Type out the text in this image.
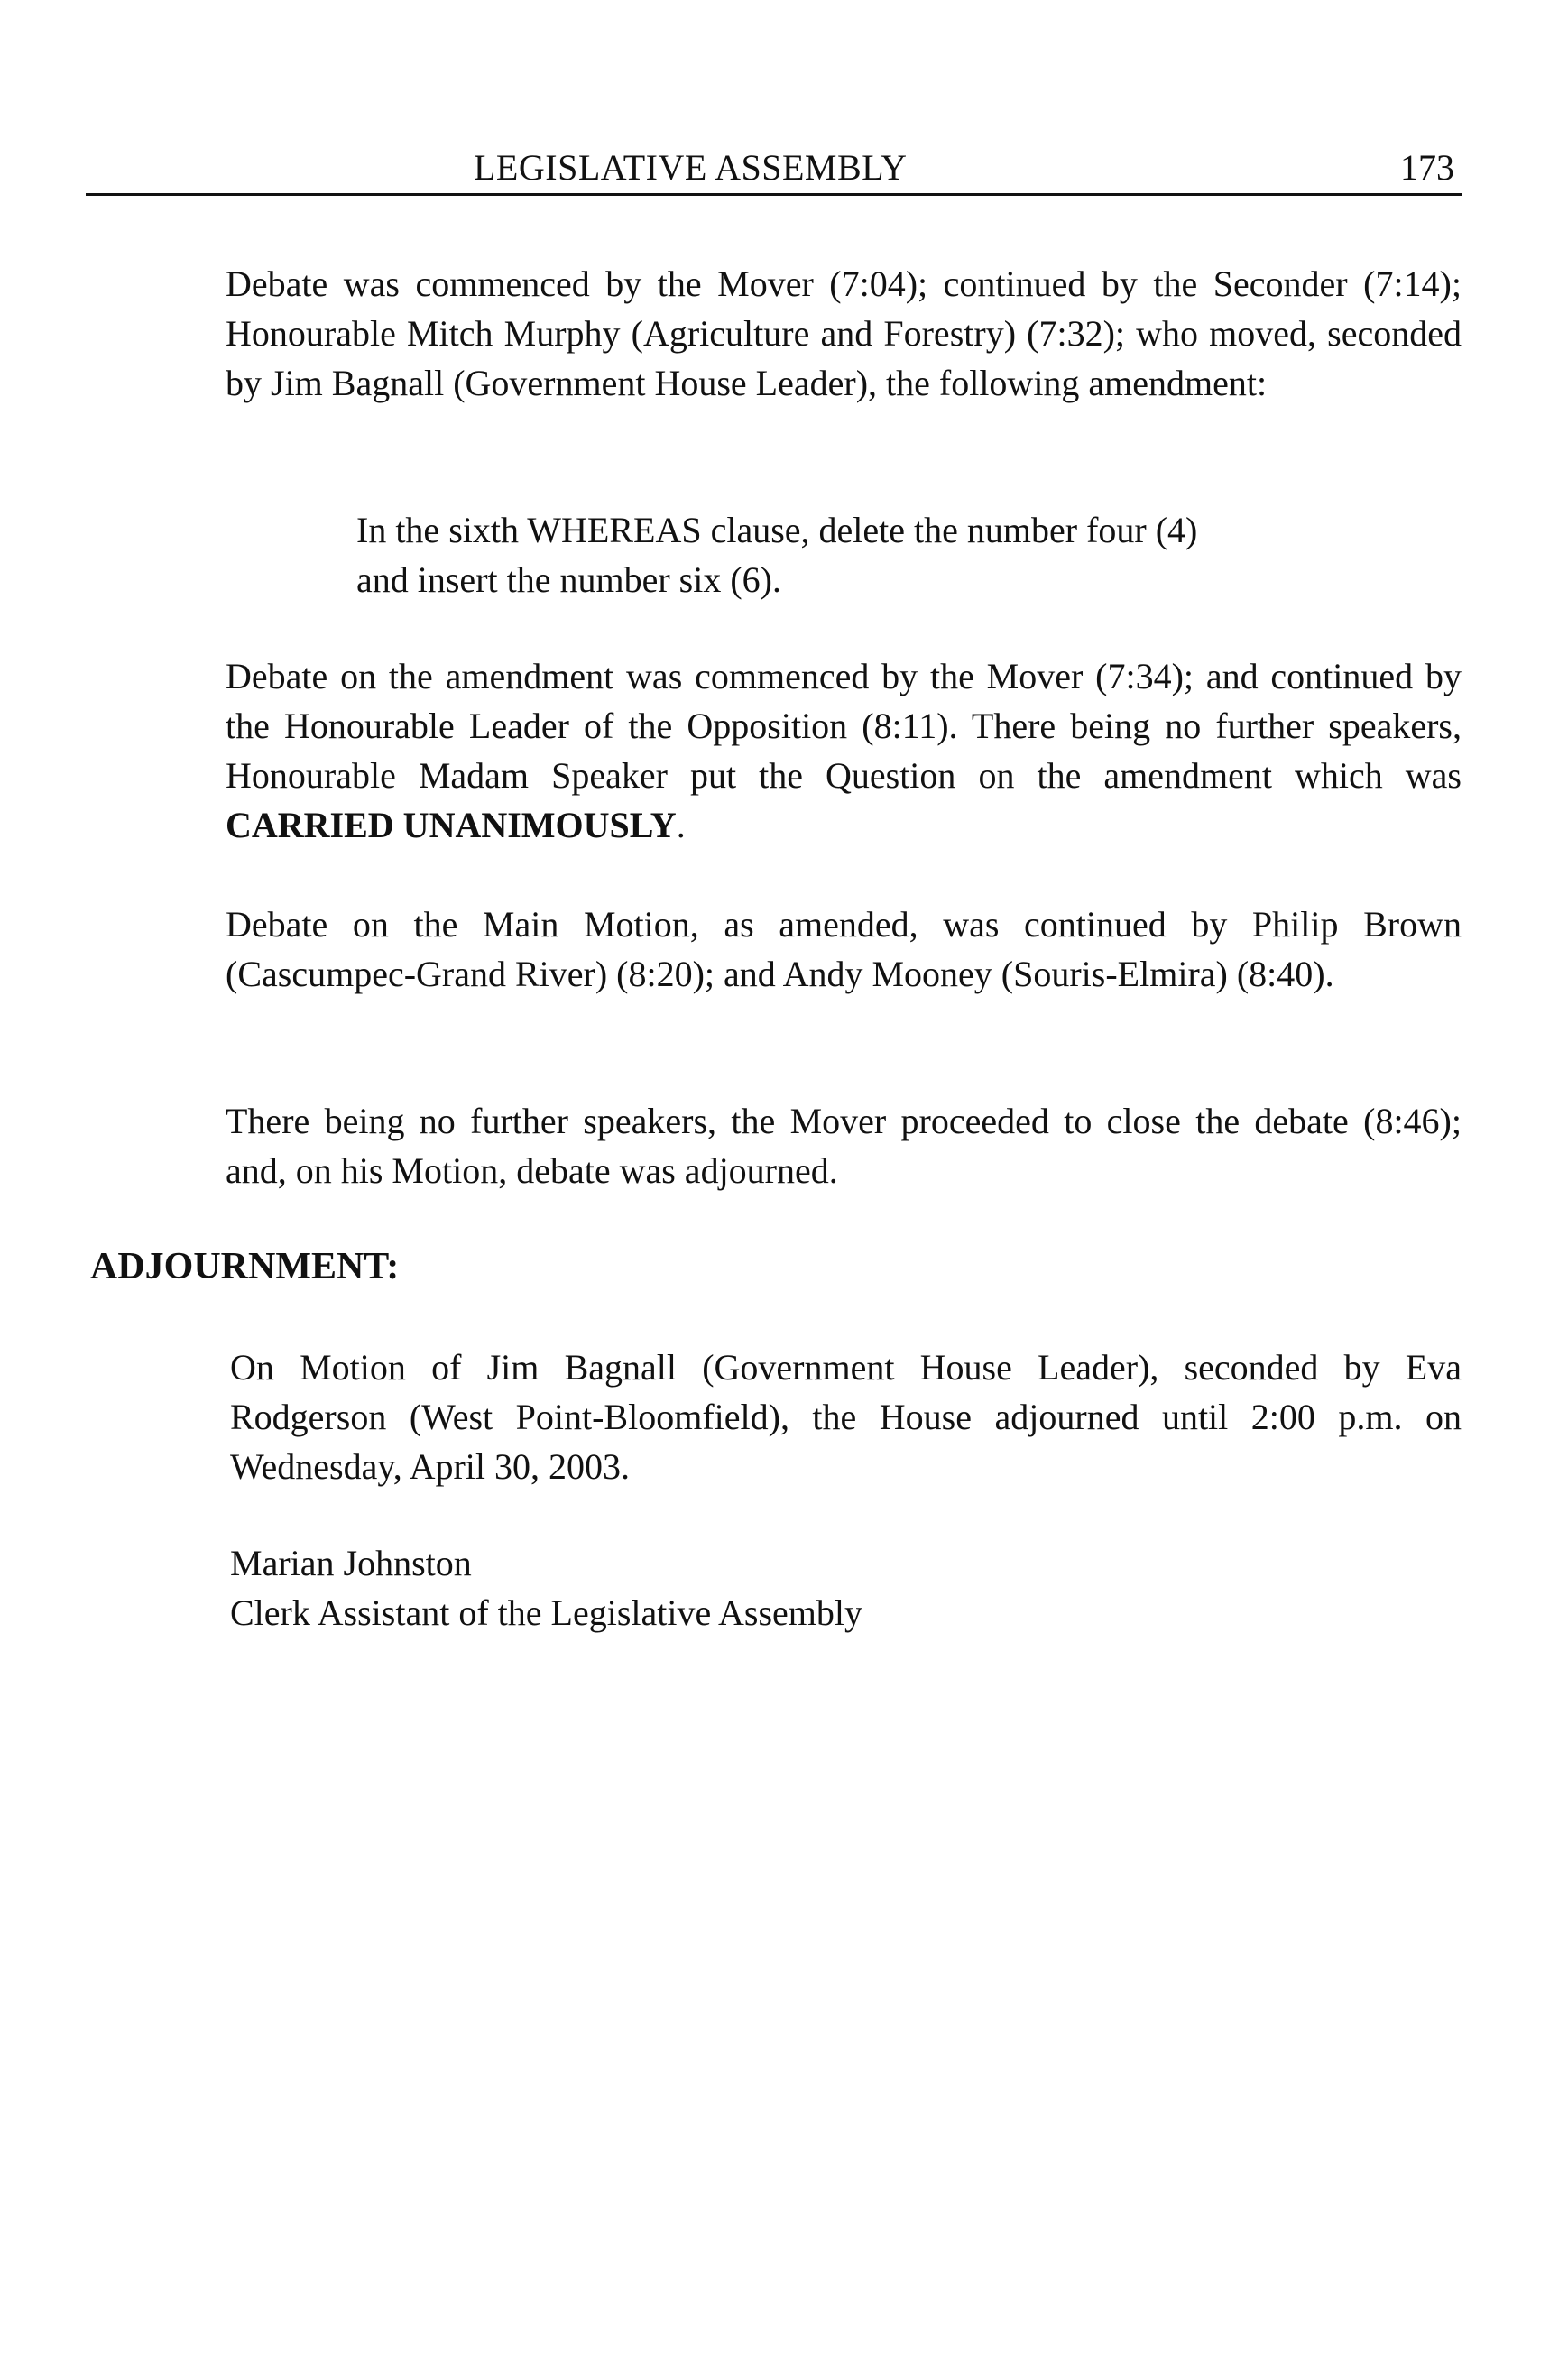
LEGISLATIVE ASSEMBLY	173

Debate was commenced by the Mover (7:04); continued by the Seconder (7:14); Honourable Mitch Murphy (Agriculture and Forestry) (7:32); who moved, seconded by Jim Bagnall (Government House Leader), the following amendment:

In the sixth WHEREAS clause, delete the number four (4)
and insert the number six (6).

Debate on the amendment was commenced by the Mover (7:34); and continued by the Honourable Leader of the Opposition (8:11). There being no further speakers, Honourable Madam Speaker put the Question on the amendment which was CARRIED UNANIMOUSLY.

Debate on the Main Motion, as amended, was continued by Philip Brown (Cascumpec-Grand River) (8:20); and Andy Mooney (Souris-Elmira) (8:40).

There being no further speakers, the Mover proceeded to close the debate (8:46); and, on his Motion, debate was adjourned.

ADJOURNMENT:

On Motion of Jim Bagnall (Government House Leader), seconded by Eva Rodgerson (West Point-Bloomfield), the House adjourned until 2:00 p.m. on Wednesday, April 30, 2003.

Marian Johnston
Clerk Assistant of the Legislative Assembly
